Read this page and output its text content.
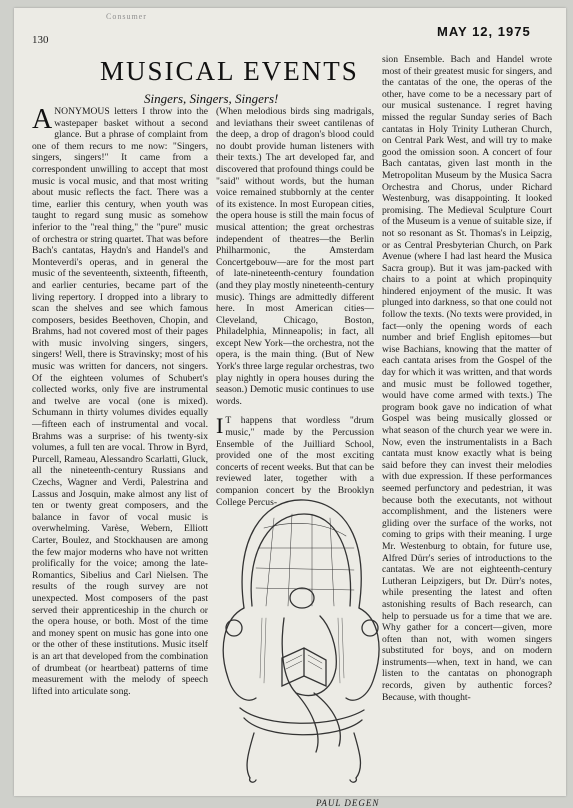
Consumer
130
MAY 12, 1975
MUSICAL EVENTS
Singers, Singers, Singers!

ANONYMOUS letters I throw into the wastepaper basket without a second glance. But a phrase of complaint from one of them recurs to me now: "Singers, singers, singers!" It came from a correspondent unwilling to accept that most music is vocal music, and that most writing about music reflects the fact. There was a time, earlier this century, when youth was taught to regard sung music as somehow inferior to the "real thing," the "pure" music of orchestra or string quartet. That was before Bach's cantatas, Haydn's and Handel's and Monteverdi's operas, and in general the music of the seventeenth, sixteenth, fifteenth, and earlier centuries, became part of the living repertory. I dropped into a library to scan the shelves and see which famous composers, besides Beethoven, Chopin, and Brahms, had not covered most of their pages with music involving singers, singers, singers! Well, there is Stravinsky; most of his music was written for dancers, not singers. Of the eighteen volumes of Schubert's collected works, only five are instrumental and twelve are vocal (one is mixed). Schumann in thirty volumes divides equally—fifteen each of instrumental and vocal. Brahms was a surprise: of his twenty-six volumes, a full ten are vocal. Throw in Byrd, Purcell, Rameau, Alessandro Scarlatti, Gluck, all the nineteenth-century Russians and Czechs, Wagner and Verdi, Palestrina and Lassus and Josquin, make almost any list of ten or twenty great composers, and the balance in favor of vocal music is overwhelming. Varèse, Webern, Elliott Carter, Boulez, and Stockhausen are among the few major moderns who have not written prolifically for the voice; among the late-Romantics, Sibelius and Carl Nielsen. The results of the rough survey are not unexpected. Most composers of the past served their apprenticeship in the church or the opera house, or both. Most of the time and money spent on music has gone into one or the other of these institutions. Music itself is an art that developed from the combination of drumbeat (or heartbeat) patterns of time measurement with the melody of speech lifted into articulate song.

(When melodious birds sing madrigals, and leviathans their sweet cantilenas of the deep, a drop of dragon's blood could no doubt provide human listeners with their texts.) The art developed far, and discovered that profound things could be "said" without words, but the human voice remained stubbornly at the center of its existence. In most European cities, the opera house is still the main focus of musical attention; the great orchestras independent of theatres—the Berlin Philharmonic, the Amsterdam Concertgebouw—are for the most part of late-nineteenth-century foundation (and they play mostly nineteenth-century music). Things are admittedly different here. In most American cities—Cleveland, Chicago, Boston, Philadelphia, Minneapolis; in fact, all except New York—the orchestra, not the opera, is the main thing. (But of New York's three large regular orchestras, two play nightly in opera houses during the season.) Demotic music continues to use words.

I T happens that wordless "drum music," made by the Percussion Ensemble of the Juilliard School, provided one of the most exciting concerts of recent weeks. But that can be reviewed later, together with a companion concert by the Brooklyn College Percus-

sion Ensemble. Bach and Handel wrote most of their greatest music for singers, and the cantatas of the one, the operas of the other, have come to be a necessary part of our musical sustenance. I regret having missed the regular Sunday series of Bach cantatas in Holy Trinity Lutheran Church, on Central Park West, and will try to make good the omission soon. A concert of four Bach cantatas, given last month in the Metropolitan Museum by the Musica Sacra Orchestra and Chorus, under Richard Westenburg, was disappointing. It looked promising. The Medieval Sculpture Court of the Museum is a venue of suitable size, if not so resonant as St. Thomas's in Leipzig, or as Central Presbyterian Church, on Park Avenue (where I had last heard the Musica Sacra group). But it was jam-packed with chairs to a point at which propinquity hindered enjoyment of the music. It was plunged into darkness, so that one could not follow the texts. (No texts were provided, in fact—only the opening words of each number and brief English epitomes—but wise Bachians, knowing that the matter of each cantata arises from the Gospel of the day for which it was written, and that words and music must be followed together, would have come armed with texts.) The program book gave no indication of what Gospel was being musically glossed or what season of the church year we were in. Now, even the instrumentalists in a Bach cantata must know exactly what is being said before they can invest their melodies with due expression. If these performances seemed perfunctory and pedestrian, it was because both the executants, not without accomplishment, and the listeners were gliding over the surface of the works, not coming to grips with their meaning. I urge Mr. Westenburg to obtain, for future use, Alfred Dürr's series of introductions to the cantatas. We are not eighteenth-century Lutheran Leipzigers, but Dr. Dürr's notes, while presenting the latest and often astonishing results of Bach research, can help to persuade us for a time that we are. Why gather for a concert—given, more often than not, with women singers substituted for boys, and on modern instruments—when, text in hand, we can listen to the cantatas on phonograph records, given by authentic forces? Because, with thought-

PAUL DEGEN
